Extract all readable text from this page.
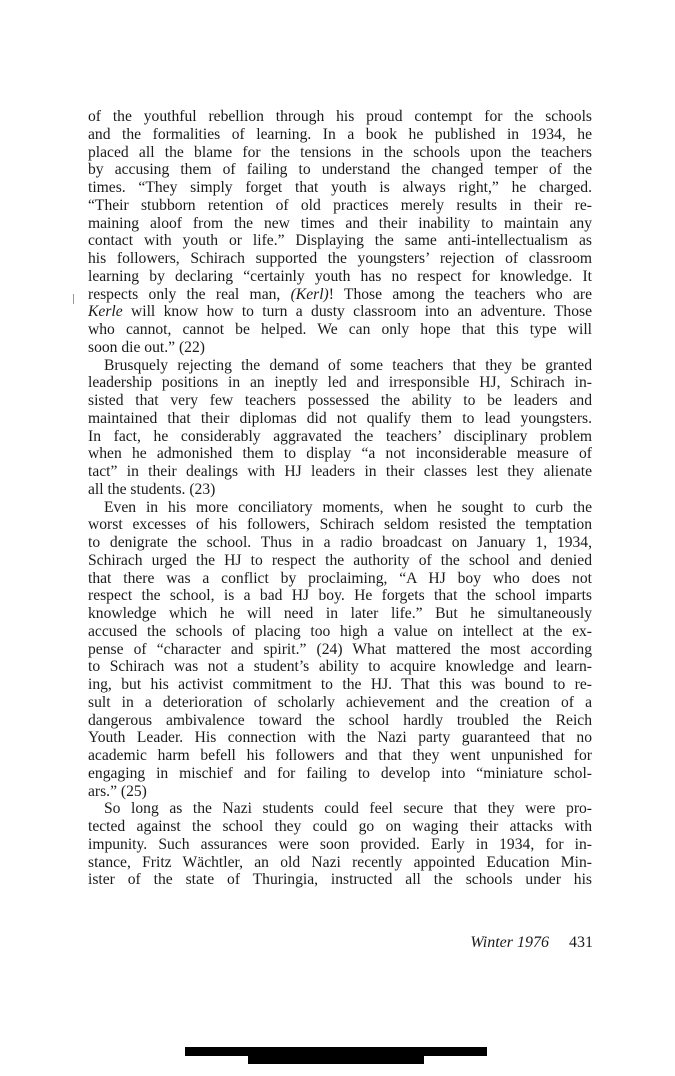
of the youthful rebellion through his proud contempt for the schools
and the formalities of learning. In a book he published in 1934, he
placed all the blame for the tensions in the schools upon the teachers
by accusing them of failing to understand the changed temper of the
times. “They simply forget that youth is always right,” he charged.
“Their stubborn retention of old practices merely results in their re-
maining aloof from the new times and their inability to maintain any
contact with youth or life.” Displaying the same anti-intellectualism as
his followers, Schirach supported the youngsters’ rejection of classroom
learning by declaring “certainly youth has no respect for knowledge. It
respects only the real man, (Kerl)! Those among the teachers who are
Kerle will know how to turn a dusty classroom into an adventure. Those
who cannot, cannot be helped. We can only hope that this type will
soon die out.” (22)
Brusquely rejecting the demand of some teachers that they be granted
leadership positions in an ineptly led and irresponsible HJ, Schirach in-
sisted that very few teachers possessed the ability to be leaders and
maintained that their diplomas did not qualify them to lead youngsters.
In fact, he considerably aggravated the teachers’ disciplinary problem
when he admonished them to display “a not inconsiderable measure of
tact” in their dealings with HJ leaders in their classes lest they alienate
all the students. (23)
Even in his more conciliatory moments, when he sought to curb the
worst excesses of his followers, Schirach seldom resisted the temptation
to denigrate the school. Thus in a radio broadcast on January 1, 1934,
Schirach urged the HJ to respect the authority of the school and denied
that there was a conflict by proclaiming, “A HJ boy who does not
respect the school, is a bad HJ boy. He forgets that the school imparts
knowledge which he will need in later life.” But he simultaneously
accused the schools of placing too high a value on intellect at the ex-
pense of “character and spirit.” (24) What mattered the most according
to Schirach was not a student’s ability to acquire knowledge and learn-
ing, but his activist commitment to the HJ. That this was bound to re-
sult in a deterioration of scholarly achievement and the creation of a
dangerous ambivalence toward the school hardly troubled the Reich
Youth Leader. His connection with the Nazi party guaranteed that no
academic harm befell his followers and that they went unpunished for
engaging in mischief and for failing to develop into “miniature schol-
ars.” (25)
So long as the Nazi students could feel secure that they were pro-
tected against the school they could go on waging their attacks with
impunity. Such assurances were soon provided. Early in 1934, for in-
stance, Fritz Wächtler, an old Nazi recently appointed Education Min-
ister of the state of Thuringia, instructed all the schools under his
Winter 1976 431
